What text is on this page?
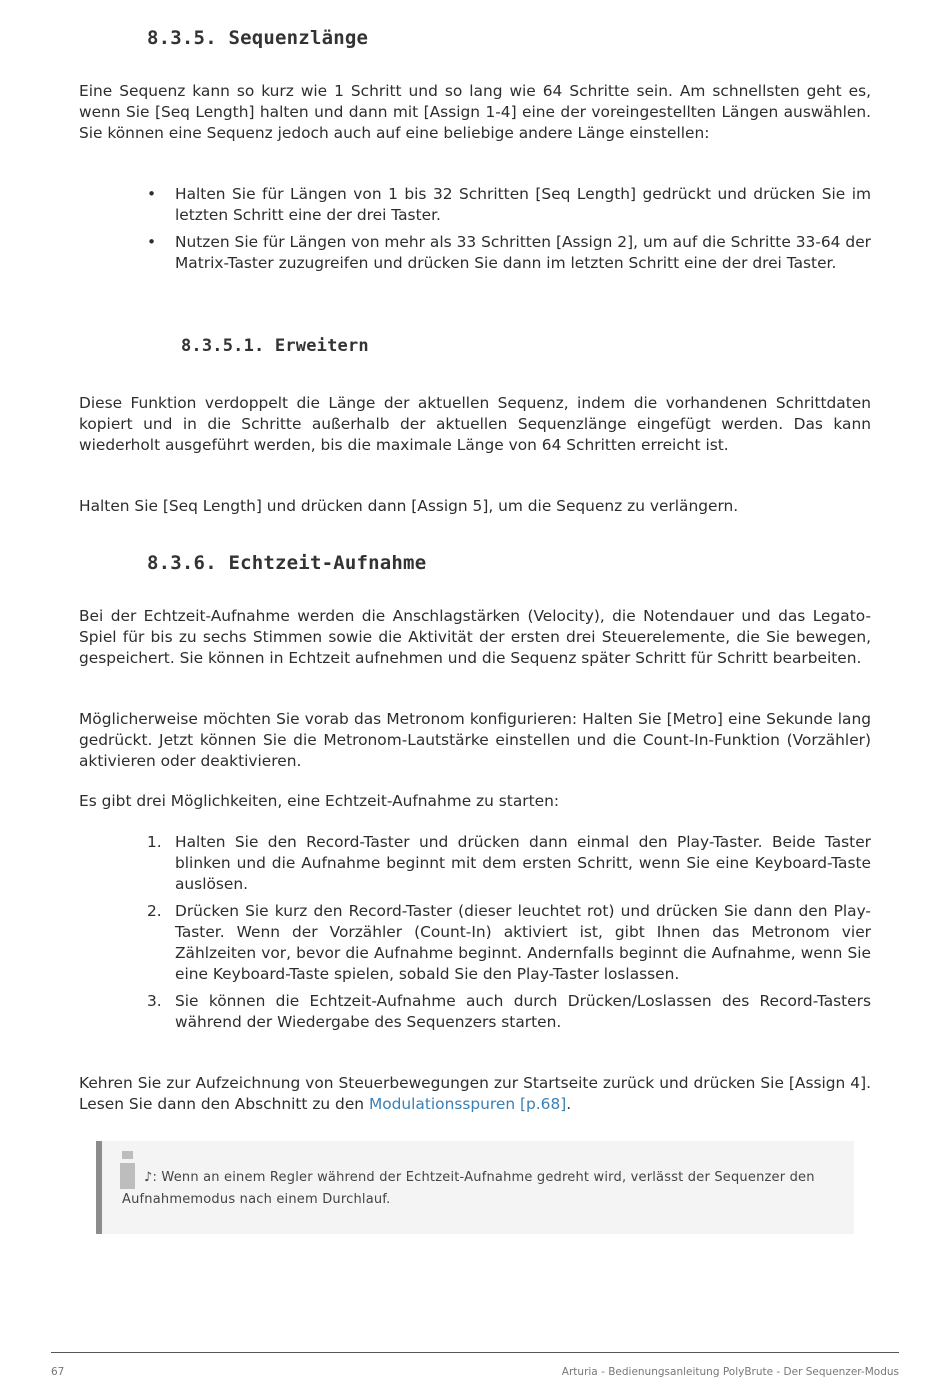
8.3.5. Sequenzlänge

Eine Sequenz kann so kurz wie 1 Schritt und so lang wie 64 Schritte sein. Am schnellsten geht es, wenn Sie [Seq Length] halten und dann mit [Assign 1-4] eine der voreingestellten Längen auswählen. Sie können eine Sequenz jedoch auch auf eine beliebige andere Länge einstellen:

• Halten Sie für Längen von 1 bis 32 Schritten [Seq Length] gedrückt und drücken Sie im letzten Schritt eine der drei Taster.
• Nutzen Sie für Längen von mehr als 33 Schritten [Assign 2], um auf die Schritte 33-64 der Matrix-Taster zuzugreifen und drücken Sie dann im letzten Schritt eine der drei Taster.
8.3.5.1. Erweitern

Diese Funktion verdoppelt die Länge der aktuellen Sequenz, indem die vorhandenen Schrittdaten kopiert und in die Schritte außerhalb der aktuellen Sequenzlänge eingefügt werden. Das kann wiederholt ausgeführt werden, bis die maximale Länge von 64 Schritten erreicht ist.

Halten Sie [Seq Length] und drücken dann [Assign 5], um die Sequenz zu verlängern.

8.3.6. Echtzeit-Aufnahme

Bei der Echtzeit-Aufnahme werden die Anschlagstärken (Velocity), die Notendauer und das Legato-Spiel für bis zu sechs Stimmen sowie die Aktivität der ersten drei Steuerelemente, die Sie bewegen, gespeichert. Sie können in Echtzeit aufnehmen und die Sequenz später Schritt für Schritt bearbeiten.

Möglicherweise möchten Sie vorab das Metronom konfigurieren: Halten Sie [Metro] eine Sekunde lang gedrückt. Jetzt können Sie die Metronom-Lautstärke einstellen und die Count-In-Funktion (Vorzähler) aktivieren oder deaktivieren.

Es gibt drei Möglichkeiten, eine Echtzeit-Aufnahme zu starten:

1. Halten Sie den Record-Taster und drücken dann einmal den Play-Taster. Beide Taster blinken und die Aufnahme beginnt mit dem ersten Schritt, wenn Sie eine Keyboard-Taste auslösen.
2. Drücken Sie kurz den Record-Taster (dieser leuchtet rot) und drücken Sie dann den Play-Taster. Wenn der Vorzähler (Count-In) aktiviert ist, gibt Ihnen das Metronom vier Zählzeiten vor, bevor die Aufnahme beginnt. Andernfalls beginnt die Aufnahme, wenn Sie eine Keyboard-Taste spielen, sobald Sie den Play-Taster loslassen.
3. Sie können die Echtzeit-Aufnahme auch durch Drücken/Loslassen des Record-Tasters während der Wiedergabe des Sequenzers starten.

Kehren Sie zur Aufzeichnung von Steuerbewegungen zur Startseite zurück und drücken Sie [Assign 4]. Lesen Sie dann den Abschnitt zu den Modulationsspuren [p.68].

♪: Wenn an einem Regler während der Echtzeit-Aufnahme gedreht wird, verlässt der Sequenzer den
Aufnahmemodus nach einem Durchlauf.
67	Arturia - Bedienungsanleitung PolyBrute - Der Sequenzer-Modus
